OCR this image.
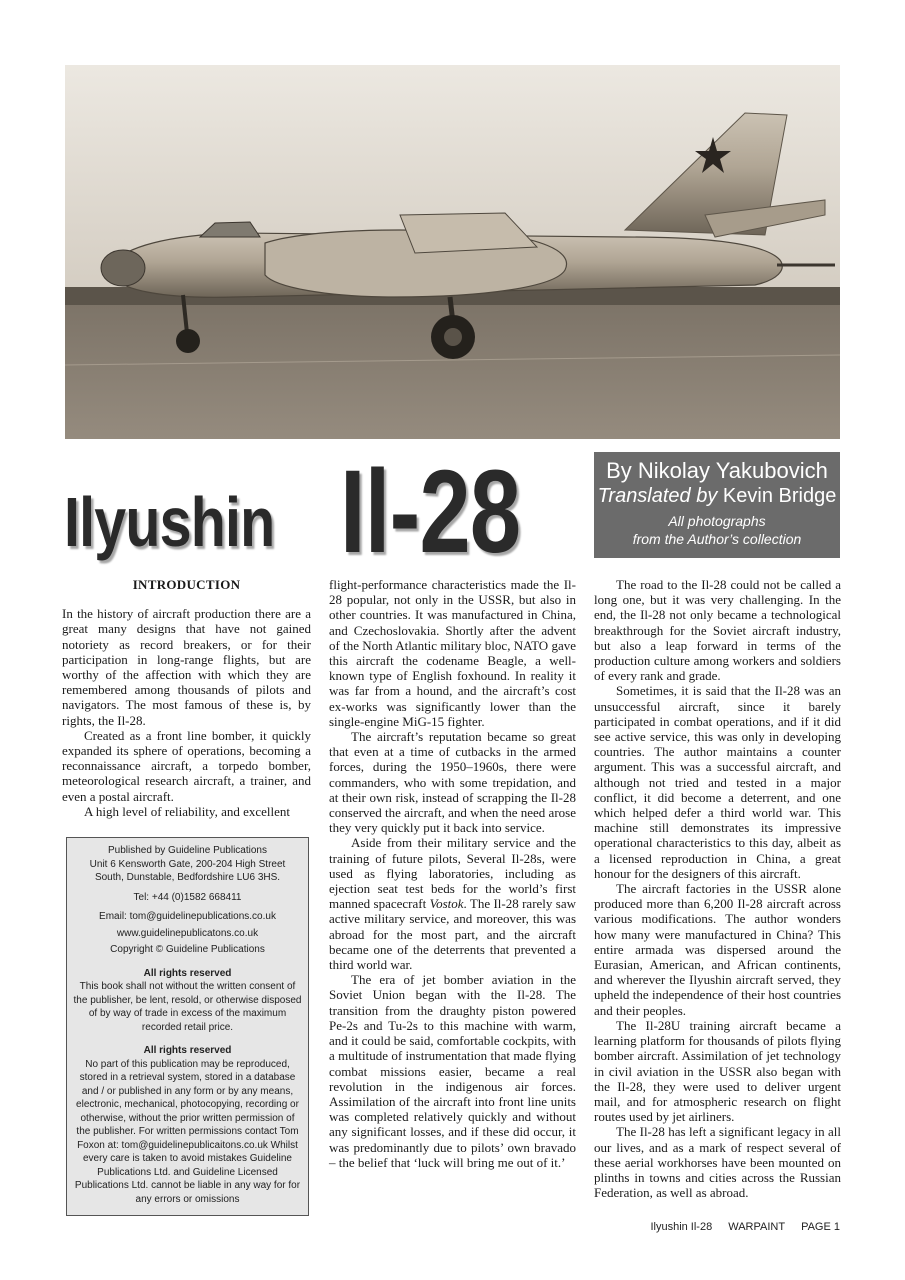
Ilyushin Il-28	By Nikolay Yakubovich
Translated by Kevin Bridge
All photographs
from the Author’s collection
INTRODUCTION

In the history of aircraft production there are a great many designs that have not gained notoriety as record breakers, or for their participation in long-range flights, but are worthy of the affection with which they are remembered among thousands of pilots and navigators. The most famous of these is, by rights, the Il-28.

Created as a front line bomber, it quickly expanded its sphere of operations, becoming a reconnaissance aircraft, a torpedo bomber, meteorological research aircraft, a trainer, and even a postal aircraft.

A high level of reliability, and excellent

Published by Guideline Publications
Unit 6 Kensworth Gate, 200-204 High Street
South, Dunstable, Bedfordshire LU6 3HS.
Tel: +44 (0)1582 668411
Email: tom@guidelinepublications.co.uk
www.guidelinepublicatons.co.uk
Copyright © Guideline Publications
All rights reserved
This book shall not without the written consent of the publisher, be lent, resold, or otherwise disposed of by way of trade in excess of the maximum recorded retail price.
All rights reserved
No part of this publication may be reproduced, stored in a retrieval system, stored in a database and / or published in any form or by any means, electronic, mechanical, photocopying, recording or otherwise, without the prior written permission of the publisher. For written permissions contact Tom Foxon at: tom@guidelinepublicaitons.co.uk Whilst every care is taken to avoid mistakes Guideline Publications Ltd. and Guideline Licensed Publications Ltd. cannot be liable in any way for for any errors or omissions

flight-performance characteristics made the Il-28 popular, not only in the USSR, but also in other countries. It was manufactured in China, and Czechoslovakia. Shortly after the advent of the North Atlantic military bloc, NATO gave this aircraft the codename Beagle, a well-known type of English foxhound. In reality it was far from a hound, and the aircraft’s cost ex-works was significantly lower than the single-engine MiG-15 fighter.

The aircraft’s reputation became so great that even at a time of cutbacks in the armed forces, during the 1950–1960s, there were commanders, who with some trepidation, and at their own risk, instead of scrapping the Il-28 conserved the aircraft, and when the need arose they very quickly put it back into service.

Aside from their military service and the training of future pilots, Several Il-28s, were used as flying laboratories, including as ejection seat test beds for the world’s first manned spacecraft Vostok. The Il-28 rarely saw active military service, and moreover, this was abroad for the most part, and the aircraft became one of the deterrents that prevented a third world war.

The era of jet bomber aviation in the Soviet Union began with the Il-28. The transition from the draughty piston powered Pe-2s and Tu-2s to this machine with warm, and it could be said, comfortable cockpits, with a multitude of instrumentation that made flying combat missions easier, became a real revolution in the indigenous air forces. Assimilation of the aircraft into front line units was completed relatively quickly and without any significant losses, and if these did occur, it was predominantly due to pilots’ own bravado – the belief that ‘luck will bring me out of it.’

The road to the Il-28 could not be called a long one, but it was very challenging. In the end, the Il-28 not only became a technological breakthrough for the Soviet aircraft industry, but also a leap forward in terms of the production culture among workers and soldiers of every rank and grade.

Sometimes, it is said that the Il-28 was an unsuccessful aircraft, since it barely participated in combat operations, and if it did see active service, this was only in developing countries. The author maintains a counter argument. This was a successful aircraft, and although not tried and tested in a major conflict, it did become a deterrent, and one which helped defer a third world war. This machine still demonstrates its impressive operational characteristics to this day, albeit as a licensed reproduction in China, a great honour for the designers of this aircraft.

The aircraft factories in the USSR alone produced more than 6,200 Il-28 aircraft across various modifications. The author wonders how many were manufactured in China? This entire armada was dispersed around the Eurasian, American, and African continents, and wherever the Ilyushin aircraft served, they upheld the independence of their host countries and their peoples.

The Il-28U training aircraft became a learning platform for thousands of pilots flying bomber aircraft. Assimilation of jet technology in civil aviation in the USSR also began with the Il-28, they were used to deliver urgent mail, and for atmospheric research on flight routes used by jet airliners.

The Il-28 has left a significant legacy in all our lives, and as a mark of respect several of these aerial workhorses have been mounted on plinths in towns and cities across the Russian Federation, as well as abroad.

Ilyushin Il-28 WARPAINT PAGE 1
